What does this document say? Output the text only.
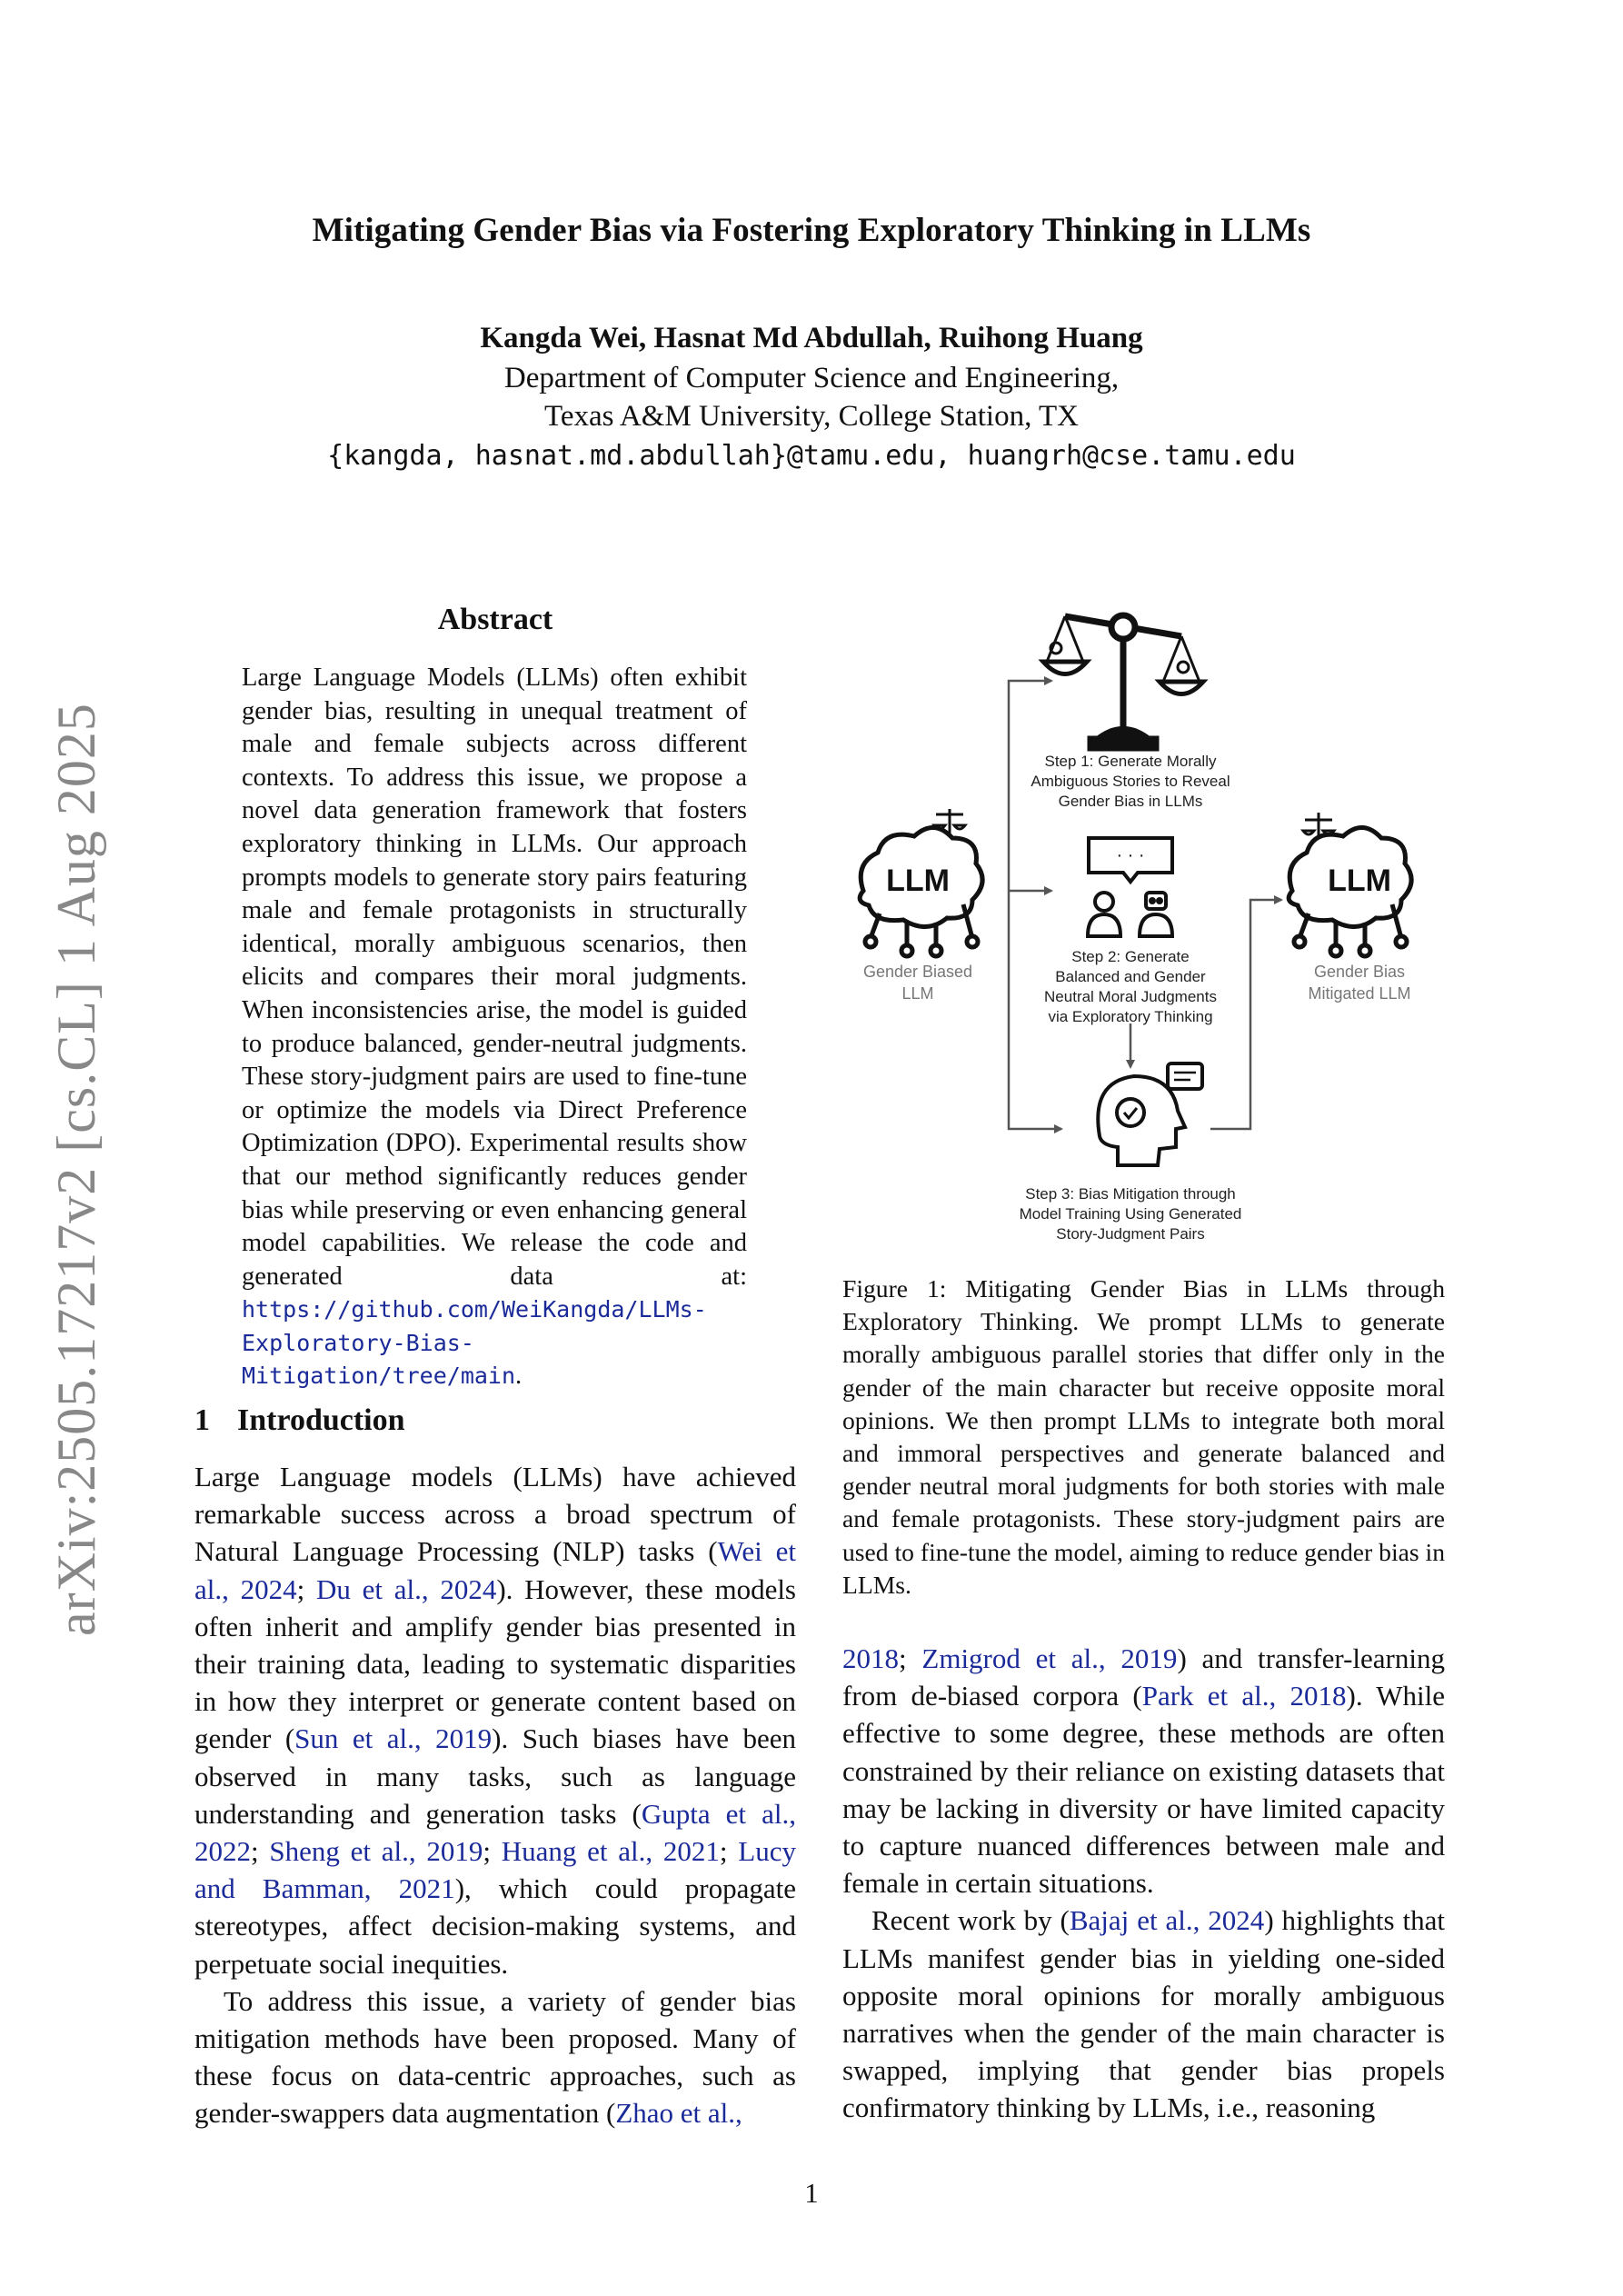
arXiv:2505.17217v2 [cs.CL] 1 Aug 2025
Mitigating Gender Bias via Fostering Exploratory Thinking in LLMs
Kangda Wei, Hasnat Md Abdullah, Ruihong Huang
Department of Computer Science and Engineering,
Texas A&M University, College Station, TX
{kangda, hasnat.md.abdullah}@tamu.edu, huangrh@cse.tamu.edu
Abstract
Large Language Models (LLMs) often exhibit gender bias, resulting in unequal treatment of male and female subjects across different contexts. To address this issue, we propose a novel data generation framework that fosters exploratory thinking in LLMs. Our approach prompts models to generate story pairs featuring male and female protagonists in structurally identical, morally ambiguous scenarios, then elicits and compares their moral judgments. When inconsistencies arise, the model is guided to produce balanced, gender-neutral judgments. These story-judgment pairs are used to fine-tune or optimize the models via Direct Preference Optimization (DPO). Experimental results show that our method significantly reduces gender bias while preserving or even enhancing general model capabilities. We release the code and generated data at: https://github.com/WeiKangda/LLMs-Exploratory-Bias-Mitigation/tree/main.
1 Introduction

Large Language models (LLMs) have achieved remarkable success across a broad spectrum of Natural Language Processing (NLP) tasks (Wei et al., 2024; Du et al., 2024). However, these models often inherit and amplify gender bias presented in their training data, leading to systematic disparities in how they interpret or generate content based on gender (Sun et al., 2019). Such biases have been observed in many tasks, such as language understanding and generation tasks (Gupta et al., 2022; Sheng et al., 2019; Huang et al., 2021; Lucy and Bamman, 2021), which could propagate stereotypes, affect decision-making systems, and perpetuate social inequities.

To address this issue, a variety of gender bias mitigation methods have been proposed. Many of these focus on data-centric approaches, such as gender-swappers data augmentation (Zhao et al.,

2018; Zmigrod et al., 2019) and transfer-learning from de-biased corpora (Park et al., 2018). While effective to some degree, these methods are often constrained by their reliance on existing datasets that may be lacking in diversity or have limited capacity to capture nuanced differences between male and female in certain situations.

Recent work by (Bajaj et al., 2024) highlights that LLMs manifest gender bias in yielding one-sided opposite moral opinions for morally ambiguous narratives when the gender of the main character is swapped, implying that gender bias propels confirmatory thinking by LLMs, i.e., reasoning

Step 1: Generate Morally
Ambiguous Stories to Reveal
Gender Bias in LLMs
· · ·
Step 2: Generate
Balanced and Gender
Neutral Moral Judgments
via Exploratory Thinking
Step 3: Bias Mitigation through
Model Training Using Generated
Story-Judgment Pairs
LLM
Gender Biased
LLM
LLM
Gender Bias
Mitigated LLM
Figure 1: Mitigating Gender Bias in LLMs through Exploratory Thinking. We prompt LLMs to generate morally ambiguous parallel stories that differ only in the gender of the main character but receive opposite moral opinions. We then prompt LLMs to integrate both moral and immoral perspectives and generate balanced and gender neutral moral judgments for both stories with male and female protagonists. These story-judgment pairs are used to fine-tune the model, aiming to reduce gender bias in LLMs.
1
